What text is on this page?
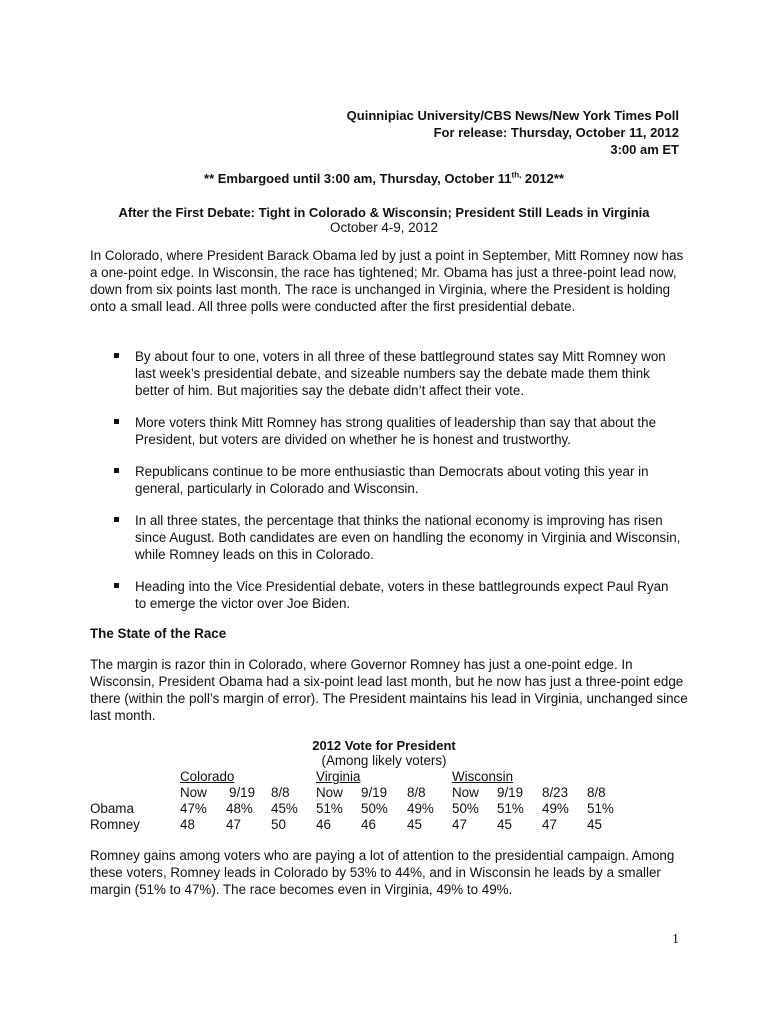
Quinnipiac University/CBS News/New York Times Poll
For release: Thursday, October 11, 2012
3:00 am ET
** Embargoed until 3:00 am, Thursday, October $11^{th,}$ 2012**
After the First Debate: Tight in Colorado & Wisconsin; President Still Leads in Virginia
October 4-9, 2012

In Colorado, where President Barack Obama led by just a point in September, Mitt Romney now has a one-point edge. In Wisconsin, the race has tightened; Mr. Obama has just a three-point lead now, down from six points last month. The race is unchanged in Virginia, where the President is holding onto a small lead. All three polls were conducted after the first presidential debate.

By about four to one, voters in all three of these battleground states say Mitt Romney won last week’s presidential debate, and sizeable numbers say the debate made them think better of him. But majorities say the debate didn’t affect their vote.
More voters think Mitt Romney has strong qualities of leadership than say that about the President, but voters are divided on whether he is honest and trustworthy.
Republicans continue to be more enthusiastic than Democrats about voting this year in general, particularly in Colorado and Wisconsin.
In all three states, the percentage that thinks the national economy is improving has risen since August. Both candidates are even on handling the economy in Virginia and Wisconsin, while Romney leads on this in Colorado.
Heading into the Vice Presidential debate, voters in these battlegrounds expect Paul Ryan to emerge the victor over Joe Biden.
The State of the Race

The margin is razor thin in Colorado, where Governor Romney has just a one-point edge. In Wisconsin, President Obama had a six-point lead last month, but he now has just a three-point edge there (within the poll’s margin of error). The President maintains his lead in Virginia, unchanged since last month.

2012 Vote for President
(Among likely voters)
Colorado	Virginia	Wisconsin
Now 9/19 8/8 Now 9/19 8/8 Now 9/19 8/23 8/8
Obama	47% 48% 45% 51% 50% 49% 50% 51% 49% 51%
Romney	48 47 50 46 46 45 47 45 47 45

Romney gains among voters who are paying a lot of attention to the presidential campaign. Among these voters, Romney leads in Colorado by 53% to 44%, and in Wisconsin he leads by a smaller margin (51% to 47%). The race becomes even in Virginia, 49% to 49%.

1
